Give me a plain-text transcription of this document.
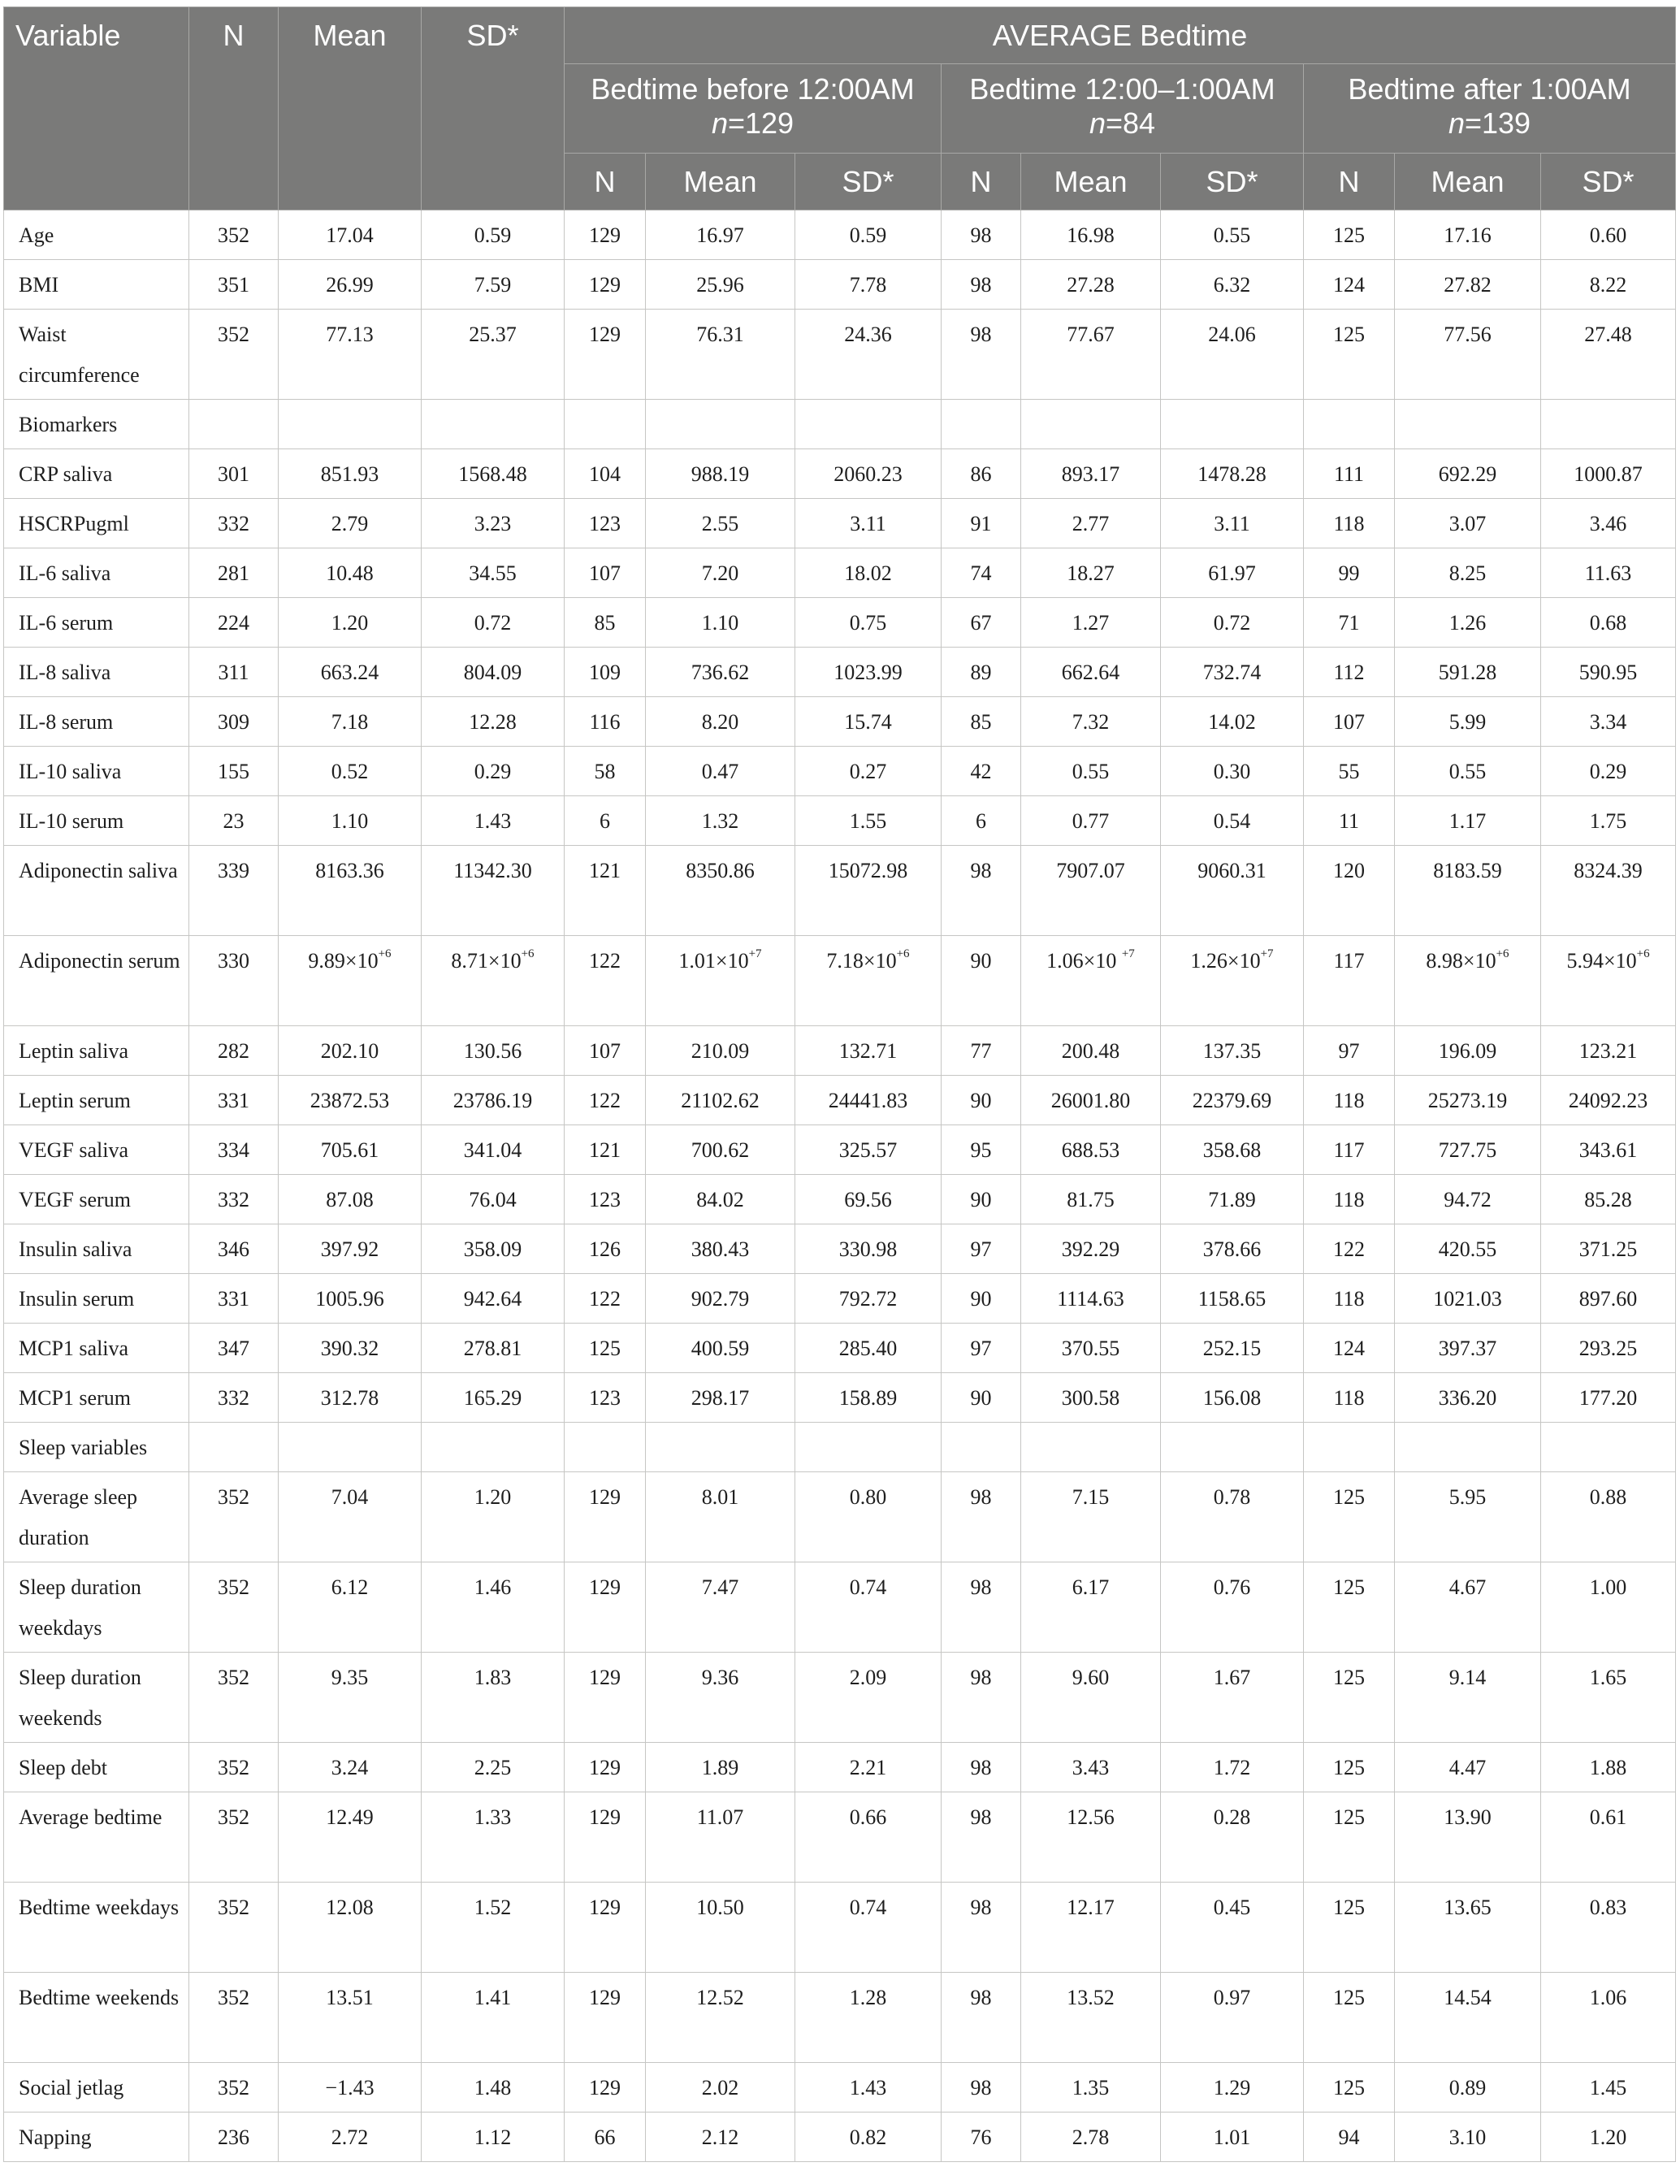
Variable	N	Mean	SD*	AVERAGE Bedtime								
				Bedtime before 12:00AM n=129			Bedtime 12:00–1:00AM n=84			Bedtime after 1:00AM n=139		
				N	Mean	SD*	N	Mean	SD*	N	Mean	SD*
Age	352	17.04	0.59	129	16.97	0.59	98	16.98	0.55	125	17.16	0.60
BMI	351	26.99	7.59	129	25.96	7.78	98	27.28	6.32	124	27.82	8.22
Waist circumference	352	77.13	25.37	129	76.31	24.36	98	77.67	24.06	125	77.56	27.48
Biomarkers												
CRP saliva	301	851.93	1568.48	104	988.19	2060.23	86	893.17	1478.28	111	692.29	1000.87
HSCRPugml	332	2.79	3.23	123	2.55	3.11	91	2.77	3.11	118	3.07	3.46
IL-6 saliva	281	10.48	34.55	107	7.20	18.02	74	18.27	61.97	99	8.25	11.63
IL-6 serum	224	1.20	0.72	85	1.10	0.75	67	1.27	0.72	71	1.26	0.68
IL-8 saliva	311	663.24	804.09	109	736.62	1023.99	89	662.64	732.74	112	591.28	590.95
IL-8 serum	309	7.18	12.28	116	8.20	15.74	85	7.32	14.02	107	5.99	3.34
IL-10 saliva	155	0.52	0.29	58	0.47	0.27	42	0.55	0.30	55	0.55	0.29
IL-10 serum	23	1.10	1.43	6	1.32	1.55	6	0.77	0.54	11	1.17	1.75
Adiponectin saliva	339	8163.36	11342.30	121	8350.86	15072.98	98	7907.07	9060.31	120	8183.59	8324.39
Adiponectin serum	330	$9.89\times 10^{+6}$	$8.71\times 10^{+6}$	122	$1.01\times 10^{+7}$	$7.18\times 10^{+6}$	90	1.06×10 $^{+7}$	$1.26\times 10^{+7}$	117	$8.98\times 10^{+6}$	$5.94\times 10^{+6}$
Leptin saliva	282	202.10	130.56	107	210.09	132.71	77	200.48	137.35	97	196.09	123.21
Leptin serum	331	23872.53	23786.19	122	21102.62	24441.83	90	26001.80	22379.69	118	25273.19	24092.23
VEGF saliva	334	705.61	341.04	121	700.62	325.57	95	688.53	358.68	117	727.75	343.61
VEGF serum	332	87.08	76.04	123	84.02	69.56	90	81.75	71.89	118	94.72	85.28
Insulin saliva	346	397.92	358.09	126	380.43	330.98	97	392.29	378.66	122	420.55	371.25
Insulin serum	331	1005.96	942.64	122	902.79	792.72	90	1114.63	1158.65	118	1021.03	897.60
MCP1 saliva	347	390.32	278.81	125	400.59	285.40	97	370.55	252.15	124	397.37	293.25
MCP1 serum	332	312.78	165.29	123	298.17	158.89	90	300.58	156.08	118	336.20	177.20
Sleep variables												
Average sleep duration	352	7.04	1.20	129	8.01	0.80	98	7.15	0.78	125	5.95	0.88
Sleep duration weekdays	352	6.12	1.46	129	7.47	0.74	98	6.17	0.76	125	4.67	1.00
Sleep duration weekends	352	9.35	1.83	129	9.36	2.09	98	9.60	1.67	125	9.14	1.65
Sleep debt	352	3.24	2.25	129	1.89	2.21	98	3.43	1.72	125	4.47	1.88
Average bedtime	352	12.49	1.33	129	11.07	0.66	98	12.56	0.28	125	13.90	0.61
Bedtime weekdays	352	12.08	1.52	129	10.50	0.74	98	12.17	0.45	125	13.65	0.83
Bedtime weekends	352	13.51	1.41	129	12.52	1.28	98	13.52	0.97	125	14.54	1.06
Social jetlag	352	−1.43	1.48	129	2.02	1.43	98	1.35	1.29	125	0.89	1.45
Napping	236	2.72	1.12	66	2.12	0.82	76	2.78	1.01	94	3.10	1.20
